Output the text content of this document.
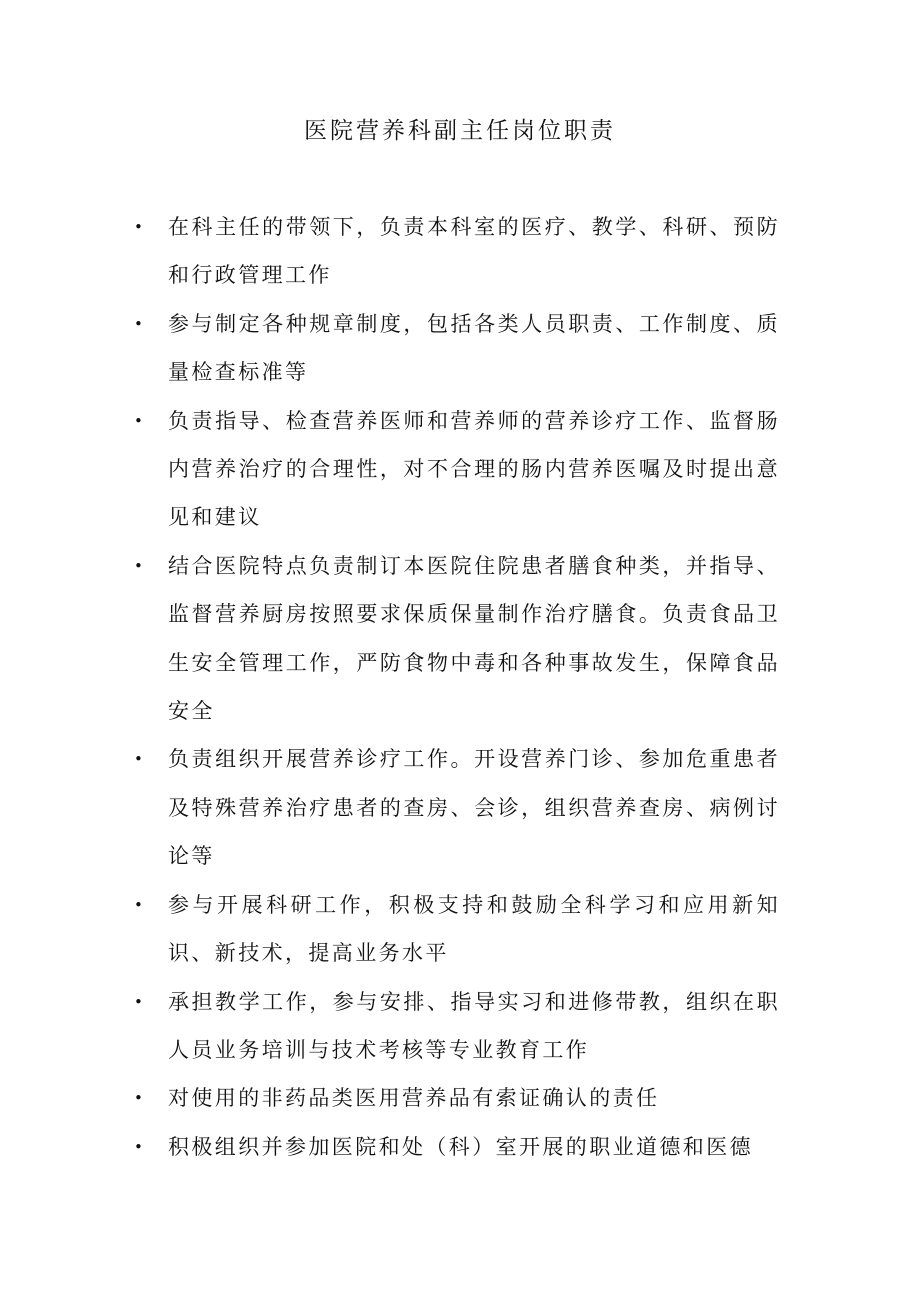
医院营养科副主任岗位职责
• 在科主任的带领下，负责本科室的医疗、教学、科研、预防和行政管理工作
• 参与制定各种规章制度，包括各类人员职责、工作制度、质量检查标准等
• 负责指导、检查营养医师和营养师的营养诊疗工作、监督肠内营养治疗的合理性，对不合理的肠内营养医嘱及时提出意见和建议
• 结合医院特点负责制订本医院住院患者膳食种类，并指导、监督营养厨房按照要求保质保量制作治疗膳食。负责食品卫生安全管理工作，严防食物中毒和各种事故发生，保障食品安全
• 负责组织开展营养诊疗工作。开设营养门诊、参加危重患者及特殊营养治疗患者的查房、会诊，组织营养查房、病例讨论等
• 参与开展科研工作，积极支持和鼓励全科学习和应用新知识、新技术，提高业务水平
• 承担教学工作，参与安排、指导实习和进修带教，组织在职人员业务培训与技术考核等专业教育工作
• 对使用的非药品类医用营养品有索证确认的责任
• 积极组织并参加医院和处（科）室开展的职业道德和医德
